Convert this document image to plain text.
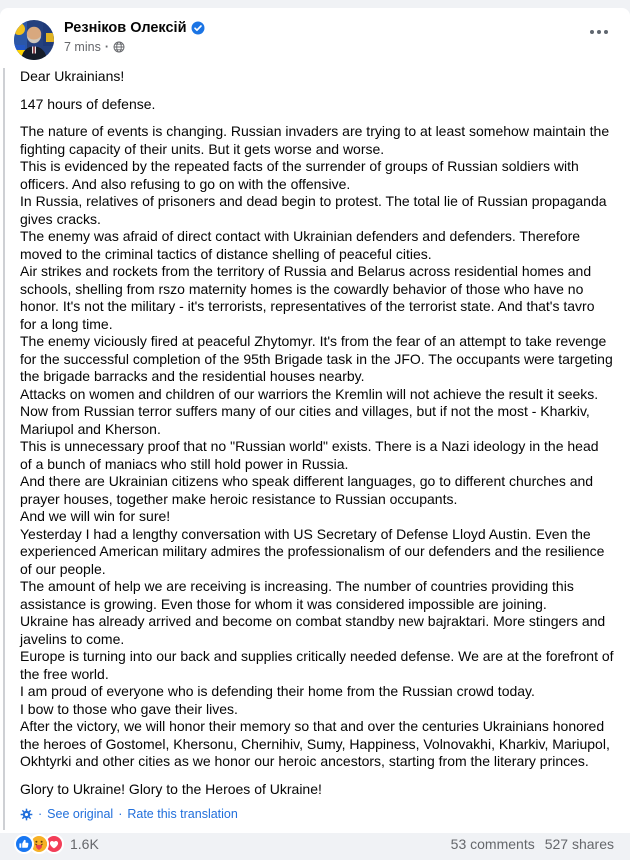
Резніков Олексій
7 mins ·

Dear Ukrainians!

147 hours of defense.

The nature of events is changing. Russian invaders are trying to at least somehow maintain the fighting capacity of their units. But it gets worse and worse.
This is evidenced by the repeated facts of the surrender of groups of Russian soldiers with officers. And also refusing to go on with the offensive.
In Russia, relatives of prisoners and dead begin to protest. The total lie of Russian propaganda gives cracks.
The enemy was afraid of direct contact with Ukrainian defenders and defenders. Therefore moved to the criminal tactics of distance shelling of peaceful cities.
Air strikes and rockets from the territory of Russia and Belarus across residential homes and schools, shelling from rszo maternity homes is the cowardly behavior of those who have no honor. It's not the military - it's terrorists, representatives of the terrorist state. And that's tavro for a long time.
The enemy viciously fired at peaceful Zhytomyr. It's from the fear of an attempt to take revenge for the successful completion of the 95th Brigade task in the JFO. The occupants were targeting the brigade barracks and the residential houses nearby.
Attacks on women and children of our warriors the Kremlin will not achieve the result it seeks.
Now from Russian terror suffers many of our cities and villages, but if not the most - Kharkiv, Mariupol and Kherson.
This is unnecessary proof that no "Russian world" exists. There is a Nazi ideology in the head of a bunch of maniacs who still hold power in Russia.
And there are Ukrainian citizens who speak different languages, go to different churches and prayer houses, together make heroic resistance to Russian occupants.
And we will win for sure!
Yesterday I had a lengthy conversation with US Secretary of Defense Lloyd Austin. Even the experienced American military admires the professionalism of our defenders and the resilience of our people.
The amount of help we are receiving is increasing. The number of countries providing this assistance is growing. Even those for whom it was considered impossible are joining.
Ukraine has already arrived and become on combat standby new bajraktari. More stingers and javelins to come.
Europe is turning into our back and supplies critically needed defense. We are at the forefront of the free world.
I am proud of everyone who is defending their home from the Russian crowd today.
I bow to those who gave their lives.
After the victory, we will honor their memory so that and over the centuries Ukrainians honored the heroes of Gostomel, Khersonu, Chernihiv, Sumy, Happiness, Volnovakhi, Kharkiv, Mariupol, Okhtyrki and other cities as we honor our heroic ancestors, starting from the literary princes.

Glory to Ukraine! Glory to the Heroes of Ukraine!

· See original · Rate this translation
1.6K	53 comments 527 shares
